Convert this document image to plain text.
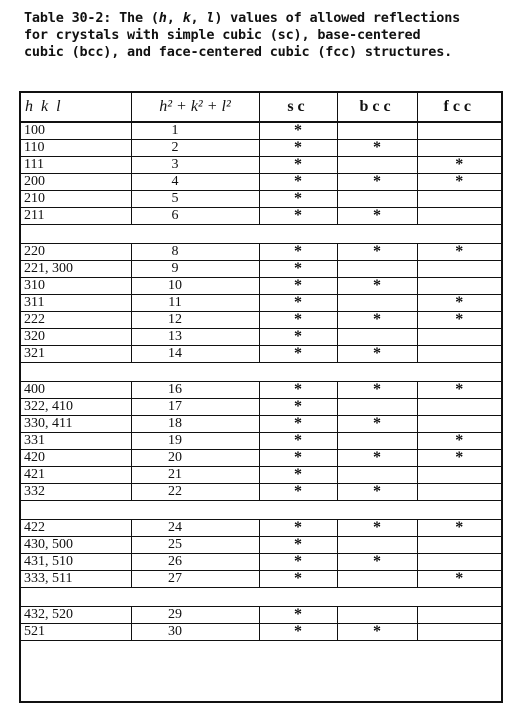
Table 30-2: The (h, k, l) values of allowed reflections
for crystals with simple cubic (sc), base-centered
cubic (bcc), and face-centered cubic (fcc) structures.
h k l	h² + k² + l²	sc	bcc	fcc
100	1	*		
110	2	*	*	
111	3	*		*
200	4	*	*	*
210	5	*		
211	6	*	*	

220	8	*	*	*
221, 300	9	*		
310	10	*	*	
311	11	*		*
222	12	*	*	*
320	13	*		
321	14	*	*	

400	16	*	*	*
322, 410	17	*		
330, 411	18	*	*	
331	19	*		*
420	20	*	*	*
421	21	*		
332	22	*	*	

422	24	*	*	*
430, 500	25	*		
431, 510	26	*	*	
333, 511	27	*		*

432, 520	29	*		
521	30	*	*	
